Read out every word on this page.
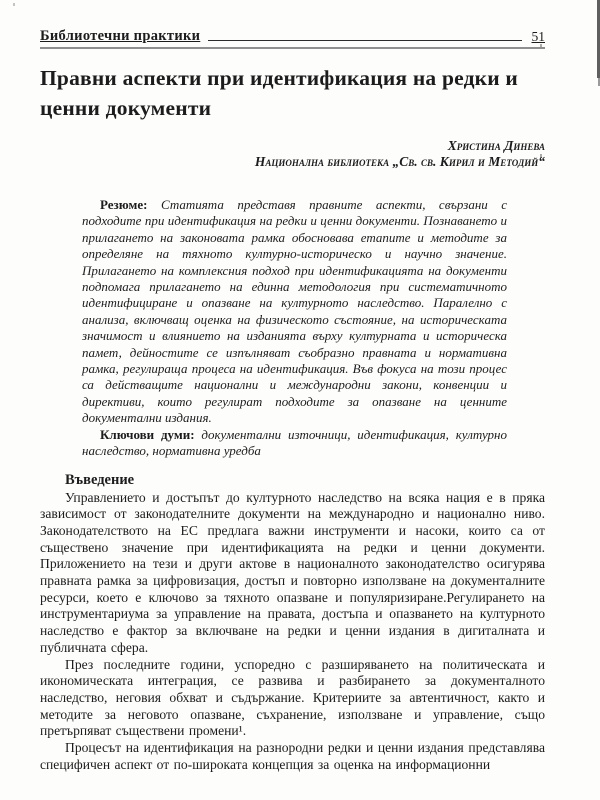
Библиотечни практики	51
Правни аспекти при идентификация на редки и ценни документи
Христина Динева
Национална библиотека „Св. св. Кирил и Методий“

Резюме: Статията представя правните аспекти, свързани с подходите при идентификация на редки и ценни документи. Познаването и прилагането на законовата рамка обосновава етапите и методите за определяне на тяхното културно-историческо и научно значение. Прилагането на комплексния подход при идентификацията на документи подпомага прилагането на единна методология при систематичното идентифициране и опазване на културното наследство. Паралелно с анализа, включващ оценка на физическото състояние, на историческата значимост и влиянието на изданията върху културната и историческа памет, дейностите се изпълняват съобразно правната и нормативна рамка, регулираща процеса на идентификация. Във фокуса на този процес са действащите национални и международни закони, конвенции и директиви, които регулират подходите за опазване на ценните документални издания.

Ключови думи: документални източници, идентификация, културно наследство, нормативна уредба

Въведение

Управлението и достъпът до културното наследство на всяка нация е в пряка зависимост от законодателните документи на международно и национално ниво. Законодателството на ЕС предлага важни инструменти и насоки, които са от съществено значение при идентификацията на редки и ценни документи. Приложението на тези и други актове в националното законодателство осигурява правната рамка за цифровизация, достъп и повторно използване на документалните ресурси, което е ключово за тяхното опазване и популяризиране.Регулирането на инструментариума за управление на правата, достъпа и опазването на културното наследство е фактор за включване на редки и ценни издания в дигиталната и публичната сфера.

През последните години, успоредно с разширяването на политическата и икономическата интеграция, се развива и разбирането за документалното наследство, неговия обхват и съдържание. Критериите за автентичност, както и методите за неговото опазване, съхранение, използване и управление, също претърпяват съществени промени¹.

Процесът на идентификация на разнородни редки и ценни издания представлява специфичен аспект от по-широката концепция за оценка на информационни
